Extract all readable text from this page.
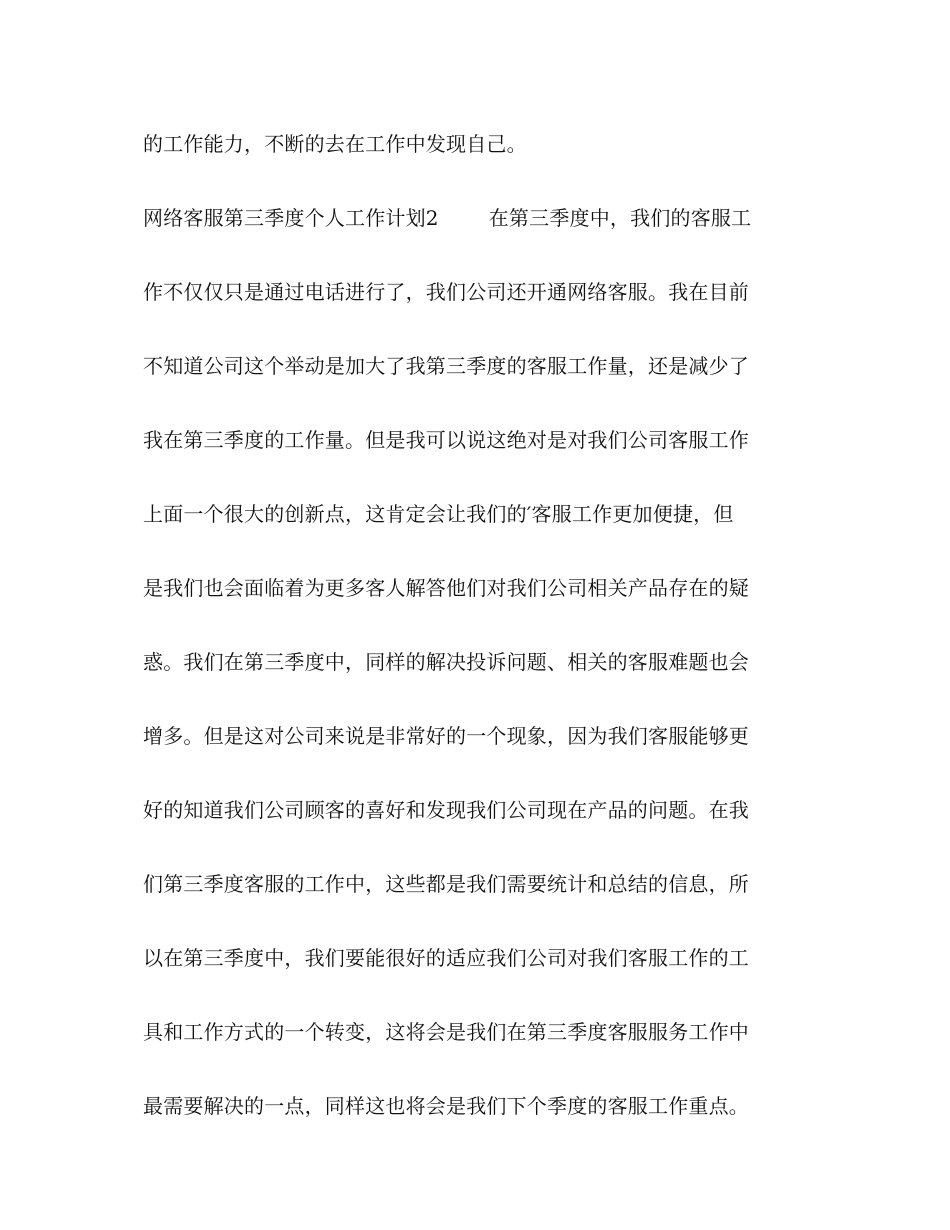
的工作能力，不断的去在工作中发现自己。
网络客服第三季度个人工作计划2	在第三季度中，我们的客服工
作不仅仅只是通过电话进行了，我们公司还开通网络客服。我在目前
不知道公司这个举动是加大了我第三季度的客服工作量，还是减少了
我在第三季度的工作量。但是我可以说这绝对是对我们公司客服工作
上面一个很大的创新点，这肯定会让我们的′客服工作更加便捷，但
是我们也会面临着为更多客人解答他们对我们公司相关产品存在的疑
惑。我们在第三季度中，同样的解决投诉问题、相关的客服难题也会
增多。但是这对公司来说是非常好的一个现象，因为我们客服能够更
好的知道我们公司顾客的喜好和发现我们公司现在产品的问题。在我
们第三季度客服的工作中，这些都是我们需要统计和总结的信息，所
以在第三季度中，我们要能很好的适应我们公司对我们客服工作的工
具和工作方式的一个转变，这将会是我们在第三季度客服服务工作中
最需要解决的一点，同样这也将会是我们下个季度的客服工作重点。
